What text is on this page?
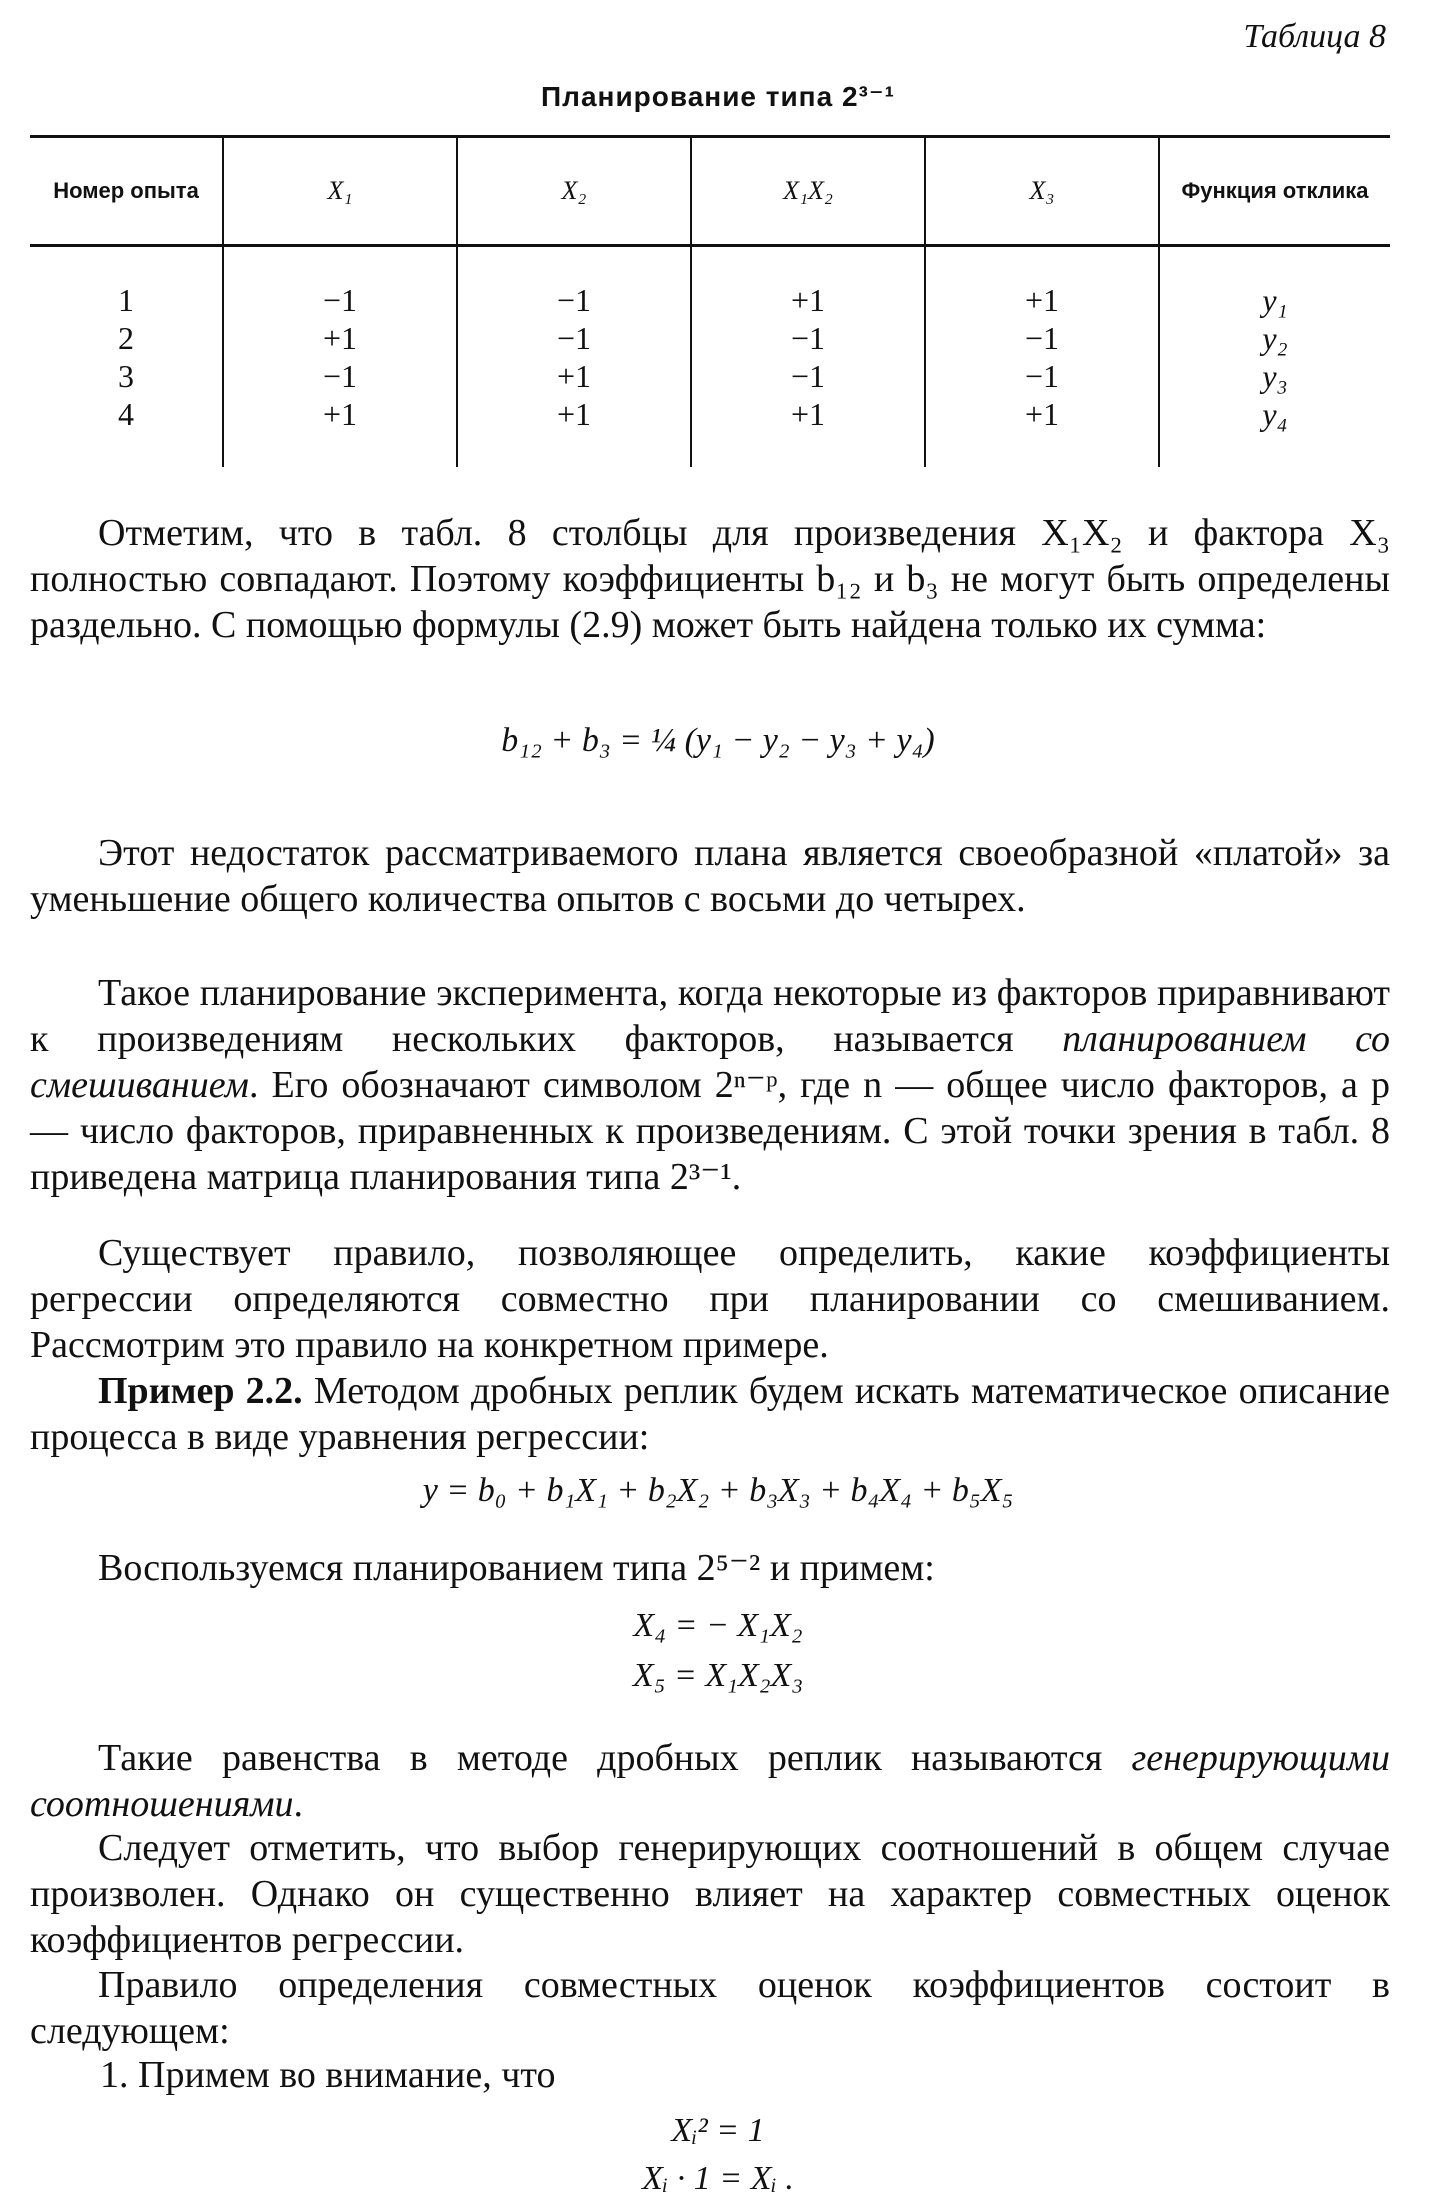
Таблица 8
Планирование типа 2³⁻¹
Номер опыта	X₁	X₂	X₁X₂	X₃	Функция отклика
1	−1	−1	+1	+1	y₁
2	+1	−1	−1	−1	y₂
3	−1	+1	−1	−1	y₃
4	+1	+1	+1	+1	y₄

Отметим, что в табл. 8 столбцы для произведения X₁X₂ и фактора X₃ полностью совпадают. Поэтому коэффициенты b₁₂ и b₃ не могут быть определены раздельно. С помощью формулы (2.9) может быть найдена только их сумма:

b₁₂ + b₃ = ¼ (y₁ − y₂ − y₃ + y₄)

Этот недостаток рассматриваемого плана является своеобразной «платой» за уменьшение общего количества опытов с восьми до четырех.

Такое планирование эксперимента, когда некоторые из факторов приравнивают к произведениям нескольких факторов, называется планированием со смешиванием. Его обозначают символом 2ⁿ⁻ᵖ, где n — общее число факторов, а p — число факторов, приравненных к произведениям. С этой точки зрения в табл. 8 приведена матрица планирования типа 2³⁻¹.

Существует правило, позволяющее определить, какие коэффициенты регрессии определяются совместно при планировании со смешиванием. Рассмотрим это правило на конкретном примере.

Пример 2.2. Методом дробных реплик будем искать математическое описание процесса в виде уравнения регрессии:

y = b₀ + b₁X₁ + b₂X₂ + b₃X₃ + b₄X₄ + b₅X₅

Воспользуемся планированием типа 2⁵⁻² и примем:

X₄ = − X₁X₂
X₅ = X₁X₂X₃

Такие равенства в методе дробных реплик называются генерирующими соотношениями.

Следует отметить, что выбор генерирующих соотношений в общем случае произволен. Однако он существенно влияет на характер совместных оценок коэффициентов регрессии.

Правило определения совместных оценок коэффициентов состоит в следующем:

1. Примем во внимание, что
Xᵢ² = 1
Xᵢ · 1 = Xᵢ .
